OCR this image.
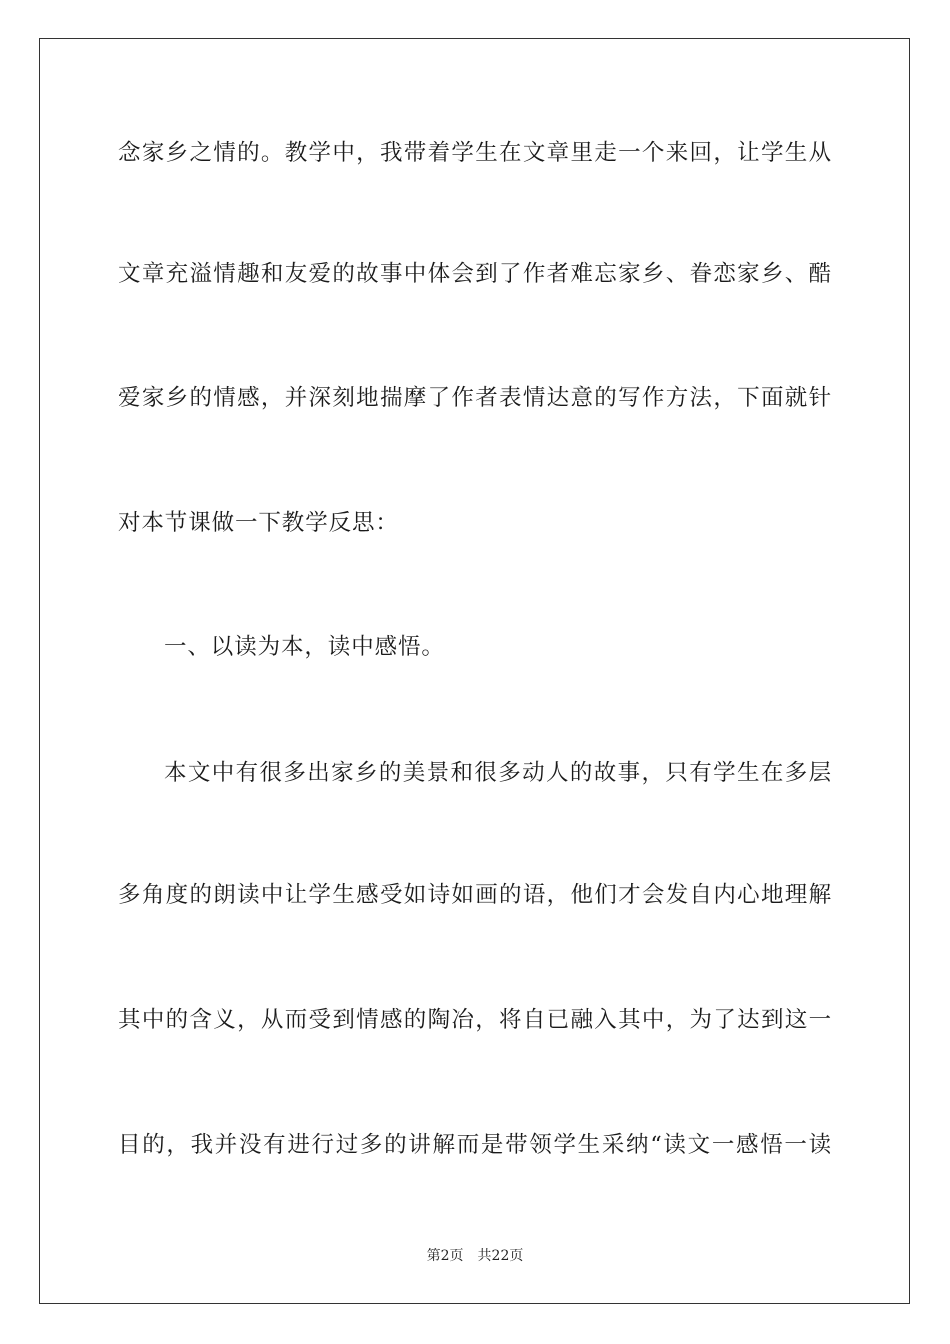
念家乡之情的。教学中，我带着学生在文章里走一个来回，让学生从
文章充溢情趣和友爱的故事中体会到了作者难忘家乡、眷恋家乡、酷
爱家乡的情感，并深刻地揣摩了作者表情达意的写作方法，下面就针
对本节课做一下教学反思：
一、以读为本，读中感悟。
本文中有很多出家乡的美景和很多动人的故事，只有学生在多层
多角度的朗读中让学生感受如诗如画的语，他们才会发自内心地理解
其中的含义，从而受到情感的陶冶，将自已融入其中，为了达到这一
目的，我并没有进行过多的讲解而是带领学生采纳“读文一感悟一读
第2页 共22页
